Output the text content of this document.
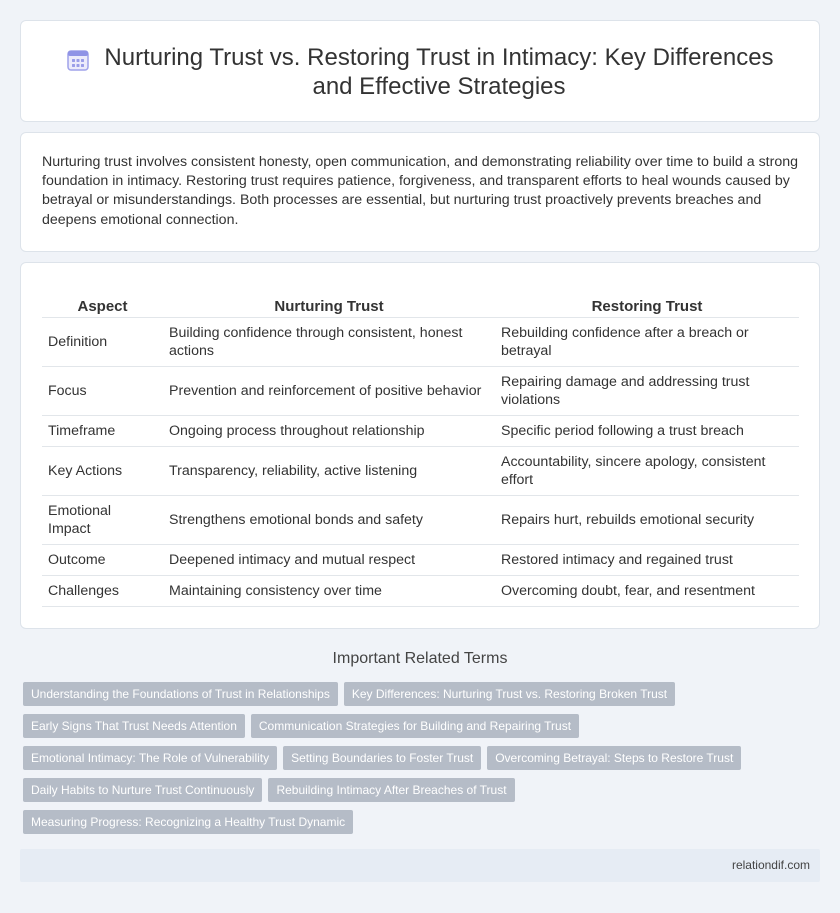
Nurturing Trust vs. Restoring Trust in Intimacy: Key Differences and Effective Strategies

Nurturing trust involves consistent honesty, open communication, and demonstrating reliability over time to build a strong foundation in intimacy. Restoring trust requires patience, forgiveness, and transparent efforts to heal wounds caused by betrayal or misunderstandings. Both processes are essential, but nurturing trust proactively prevents breaches and deepens emotional connection.

Aspect	Nurturing Trust	Restoring Trust
Definition	Building confidence through consistent, honest actions	Rebuilding confidence after a breach or betrayal
Focus	Prevention and reinforcement of positive behavior	Repairing damage and addressing trust violations
Timeframe	Ongoing process throughout relationship	Specific period following a trust breach
Key Actions	Transparency, reliability, active listening	Accountability, sincere apology, consistent effort
Emotional Impact	Strengthens emotional bonds and safety	Repairs hurt, rebuilds emotional security
Outcome	Deepened intimacy and mutual respect	Restored intimacy and regained trust
Challenges	Maintaining consistency over time	Overcoming doubt, fear, and resentment
Important Related Terms
Understanding the Foundations of Trust in Relationships Key Differences: Nurturing Trust vs. Restoring Broken Trust
Early Signs That Trust Needs Attention Communication Strategies for Building and Repairing Trust
Emotional Intimacy: The Role of Vulnerability Setting Boundaries to Foster Trust Overcoming Betrayal: Steps to Restore Trust
Daily Habits to Nurture Trust Continuously Rebuilding Intimacy After Breaches of Trust
Measuring Progress: Recognizing a Healthy Trust Dynamic
relationdif.com
